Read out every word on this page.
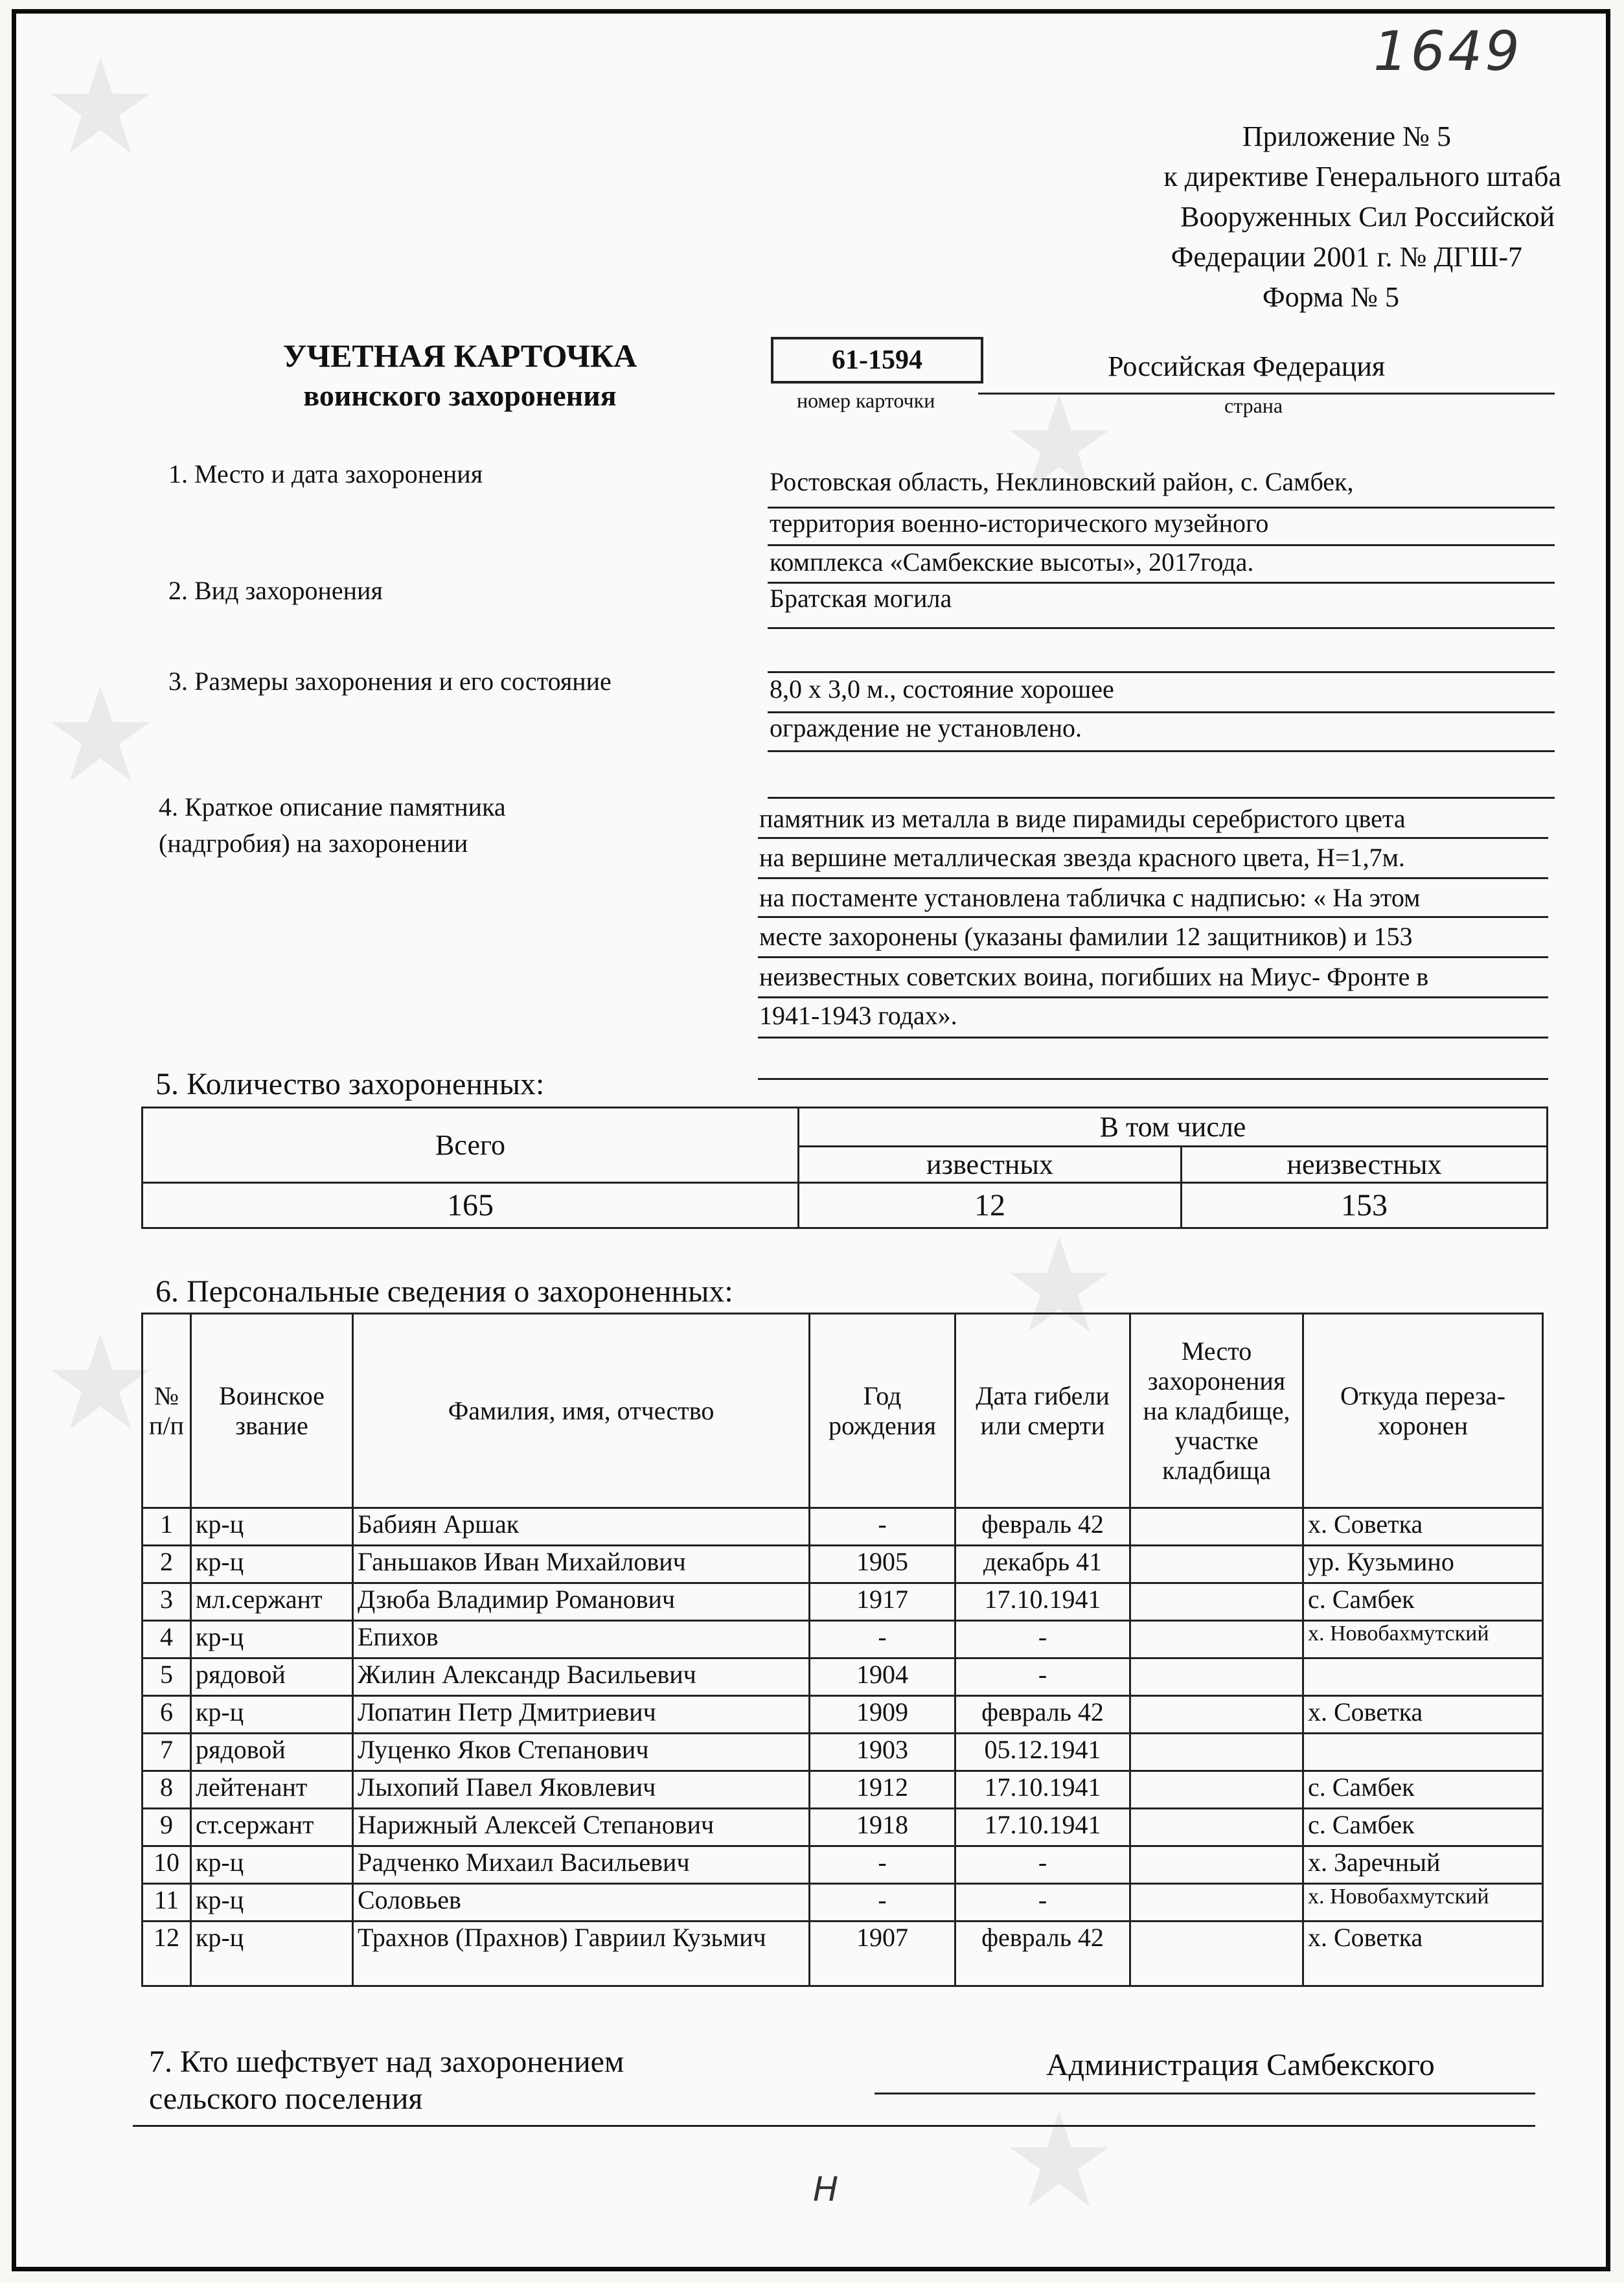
1649
Приложение № 5
к директиве Генерального штаба
Вооруженных Сил Российской
Федерации 2001 г. № ДГШ-7
Форма № 5
УЧЕТНАЯ КАРТОЧКА
воинского захоронения
61-1594
номер карточки
Российская Федерация
страна
1. Место и дата захоронения	Ростовская область, Неклиновский район, с. Самбек,
территория военно-исторического музейного
комплекса «Самбекские высоты», 2017года.
2. Вид захоронения	Братская могила
3. Размеры захоронения и его состояние	8,0 х 3,0 м., состояние хорошее
ограждение не установлено.
4. Краткое описание памятника
(надгробия) на захоронении
памятник из металла в виде пирамиды серебристого цвета
на вершине металлическая звезда красного цвета, Н=1,7м.
на постаменте установлена табличка с надписью: « На этом
месте захоронены (указаны фамилии 12 защитников) и 153
неизвестных советских воина, погибших на Миус- Фронте в
1941-1943 годах».
5. Количество захороненных:
Всего	В том числе	
	известных	неизвестных
165	12	153
6. Персональные сведения о захороненных:
№ п/п	Воинское звание	Фамилия, имя, отчество	Год рождения	Дата гибели или смерти	Место захоронения на кладбище, участке кладбища	Откуда переза-хоронен
1	кр-ц	Бабиян Аршак	-	февраль 42		х. Советка
2	кр-ц	Ганьшаков Иван Михайлович	1905	декабрь 41		ур. Кузьмино
3	мл.сержант	Дзюба Владимир Романович	1917	17.10.1941		с. Самбек
4	кр-ц	Епихов	-	-		х. Новобахмутский
5	рядовой	Жилин Александр Васильевич	1904	-		
6	кр-ц	Лопатин Петр Дмитриевич	1909	февраль 42		х. Советка
7	рядовой	Луценко Яков Степанович	1903	05.12.1941		
8	лейтенант	Лыхопий Павел Яковлевич	1912	17.10.1941		с. Самбек
9	ст.сержант	Нарижный Алексей Степанович	1918	17.10.1941		с. Самбек
10	кр-ц	Радченко Михаил Васильевич	-	-		х. Заречный
11	кр-ц	Соловьев	-	-		х. Новобахмутский
12	кр-ц	Трахнов (Прахнов) Гавриил Кузьмич	1907	февраль 42		х. Советка
7. Кто шефствует над захоронением	Администрация Самбекского
сельского поселения
Н
